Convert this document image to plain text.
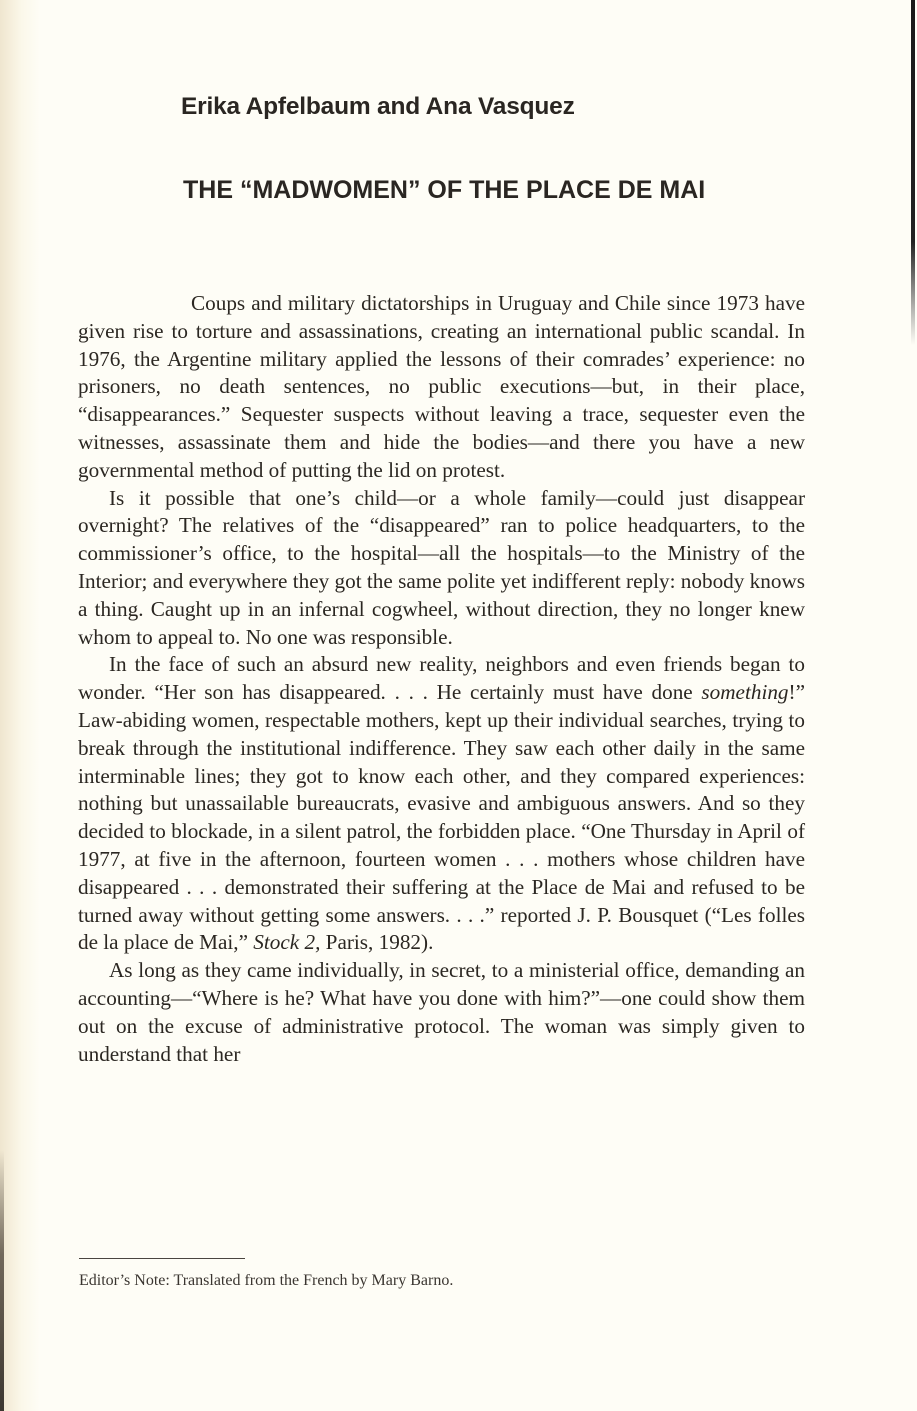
Erika Apfelbaum and Ana Vasquez
THE “MADWOMEN” OF THE PLACE DE MAI

Coups and military dictatorships in Uruguay and Chile since 1973 have given rise to torture and assassinations, creating an international public scandal. In 1976, the Argentine military applied the lessons of their comrades’ experience: no prisoners, no death sentences, no public executions—but, in their place, “disappearances.” Sequester suspects without leaving a trace, sequester even the witnesses, assassinate them and hide the bodies—and there you have a new governmental method of putting the lid on protest.

Is it possible that one’s child—or a whole family—could just disappear overnight? The relatives of the “disappeared” ran to police headquarters, to the commissioner’s office, to the hospital—all the hospitals—to the Ministry of the Interior; and everywhere they got the same polite yet indifferent reply: nobody knows a thing. Caught up in an infernal cogwheel, without direction, they no longer knew whom to appeal to. No one was responsible.

In the face of such an absurd new reality, neighbors and even friends began to wonder. “Her son has disappeared. . . . He certainly must have done something!” Law-abiding women, respectable mothers, kept up their individual searches, trying to break through the institutional indifference. They saw each other daily in the same interminable lines; they got to know each other, and they compared experiences: nothing but unassailable bureaucrats, evasive and ambiguous answers. And so they decided to blockade, in a silent patrol, the forbidden place. “One Thursday in April of 1977, at five in the afternoon, fourteen women . . . mothers whose children have disappeared . . . demonstrated their suffering at the Place de Mai and refused to be turned away without getting some answers. . . .” reported J. P. Bousquet (“Les folles de la place de Mai,” Stock 2, Paris, 1982).

As long as they came individually, in secret, to a ministerial office, demanding an accounting—“Where is he? What have you done with him?”—one could show them out on the excuse of administrative protocol. The woman was simply given to understand that her

Editor’s Note: Translated from the French by Mary Barno.
